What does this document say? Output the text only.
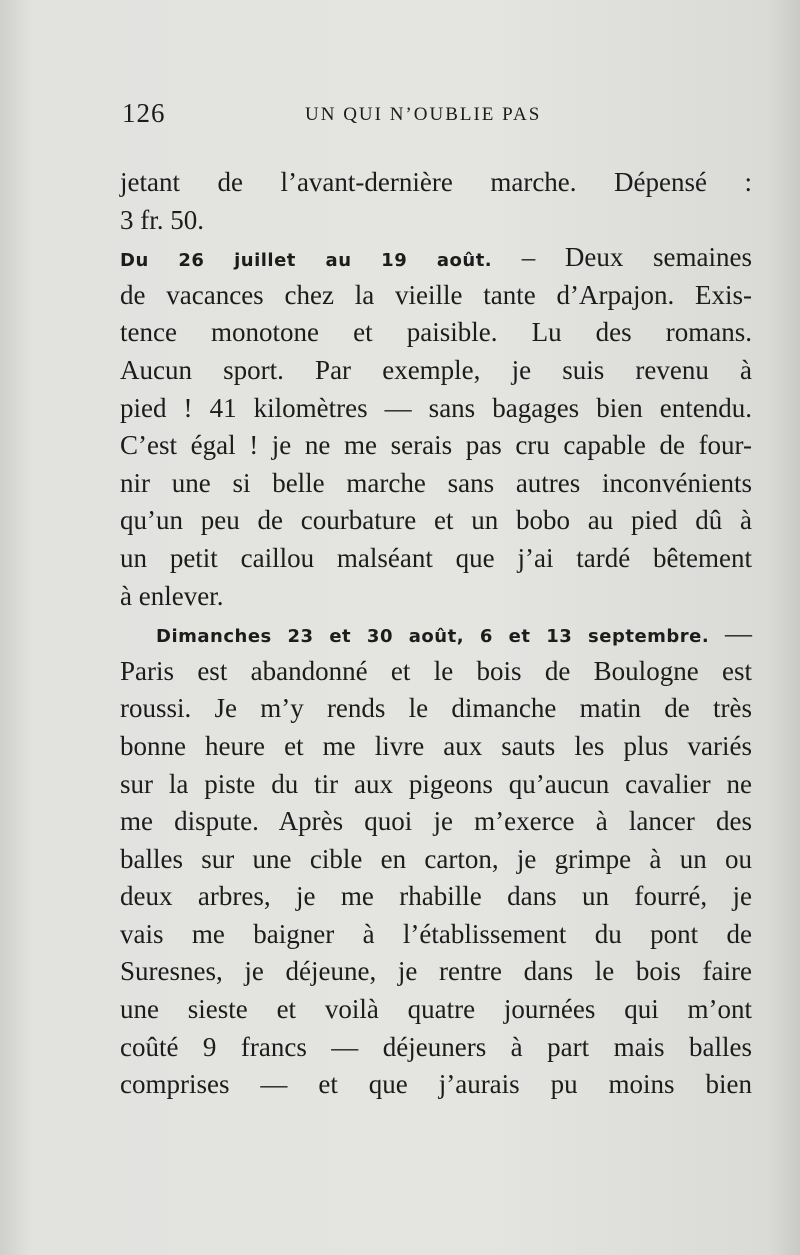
126	UN QUI N’OUBLIE PAS
jetant de l’avant-dernière marche. Dépensé :
3 fr. 50.
Du 26 juillet au 19 août. – Deux semaines
de vacances chez la vieille tante d’Arpajon. Exis-
tence monotone et paisible. Lu des romans.
Aucun sport. Par exemple, je suis revenu à
pied ! 41 kilomètres — sans bagages bien entendu.
C’est égal ! je ne me serais pas cru capable de four-
nir une si belle marche sans autres inconvénients
qu’un peu de courbature et un bobo au pied dû à
un petit caillou malséant que j’ai tardé bêtement
à enlever.
Dimanches 23 et 30 août, 6 et 13 septembre. —
Paris est abandonné et le bois de Boulogne est
roussi. Je m’y rends le dimanche matin de très
bonne heure et me livre aux sauts les plus variés
sur la piste du tir aux pigeons qu’aucun cavalier ne
me dispute. Après quoi je m’exerce à lancer des
balles sur une cible en carton, je grimpe à un ou
deux arbres, je me rhabille dans un fourré, je
vais me baigner à l’établissement du pont de
Suresnes, je déjeune, je rentre dans le bois faire
une sieste et voilà quatre journées qui m’ont
coûté 9 francs — déjeuners à part mais balles
comprises — et que j’aurais pu moins bien
